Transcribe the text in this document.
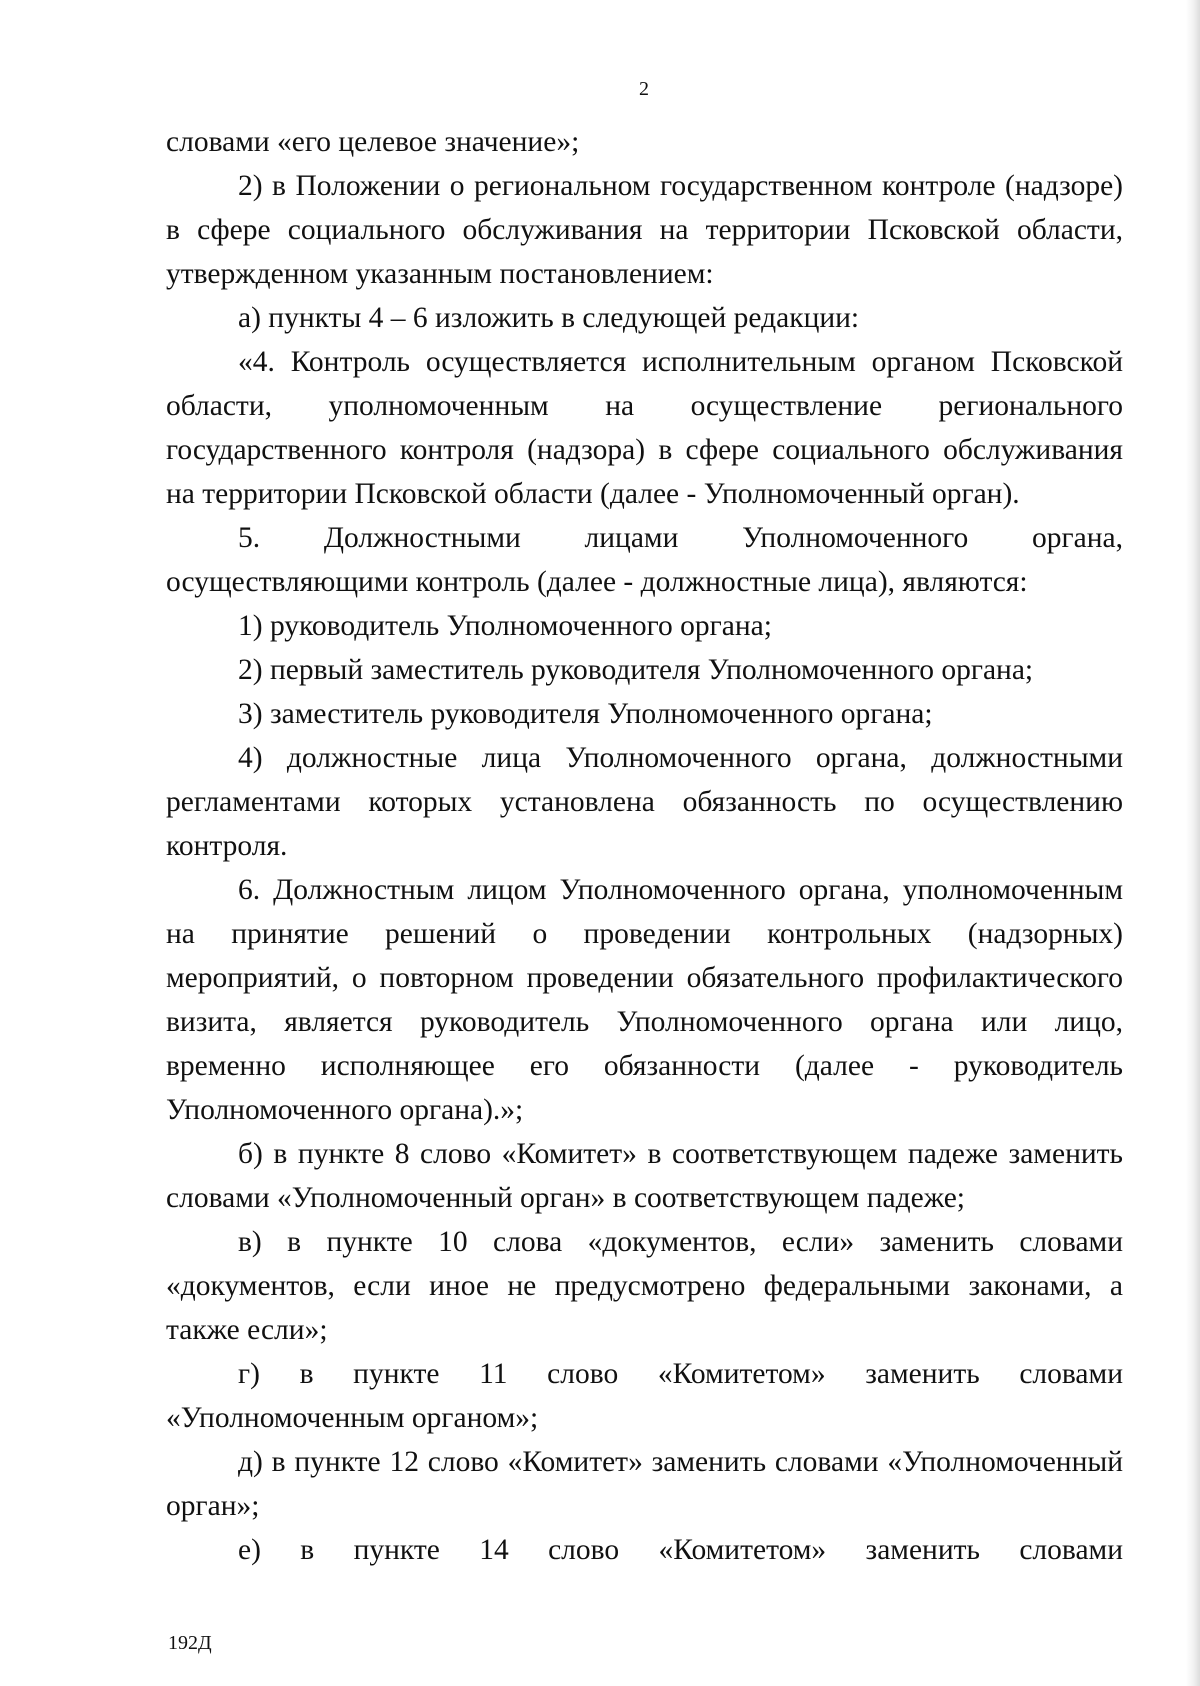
2

словами «его целевое значение»;

2) в Положении о региональном государственном контроле (надзоре) в сфере социального обслуживания на территории Псковской области, утвержденном указанным постановлением:

а) пункты 4 – 6 изложить в следующей редакции:

«4. Контроль осуществляется исполнительным органом Псковской области, уполномоченным на осуществление регионального государственного контроля (надзора) в сфере социального обслуживания на территории Псковской области (далее - Уполномоченный орган).

5. Должностными лицами Уполномоченного органа, осуществляющими контроль (далее - должностные лица), являются:

1) руководитель Уполномоченного органа;

2) первый заместитель руководителя Уполномоченного органа;

3) заместитель руководителя Уполномоченного органа;

4) должностные лица Уполномоченного органа, должностными регламентами которых установлена обязанность по осуществлению контроля.

6. Должностным лицом Уполномоченного органа, уполномоченным на принятие решений о проведении контрольных (надзорных) мероприятий, о повторном проведении обязательного профилактического визита, является руководитель Уполномоченного органа или лицо, временно исполняющее его обязанности (далее - руководитель Уполномоченного органа).»;

б) в пункте 8 слово «Комитет» в соответствующем падеже заменить словами «Уполномоченный орган» в соответствующем падеже;

в) в пункте 10 слова «документов, если» заменить словами «документов, если иное не предусмотрено федеральными законами, а также если»;

г) в пункте 11 слово «Комитетом» заменить словами «Уполномоченным органом»;

д) в пункте 12 слово «Комитет» заменить словами «Уполномоченный орган»;

е) в пункте 14 слово «Комитетом» заменить словами

192Д
